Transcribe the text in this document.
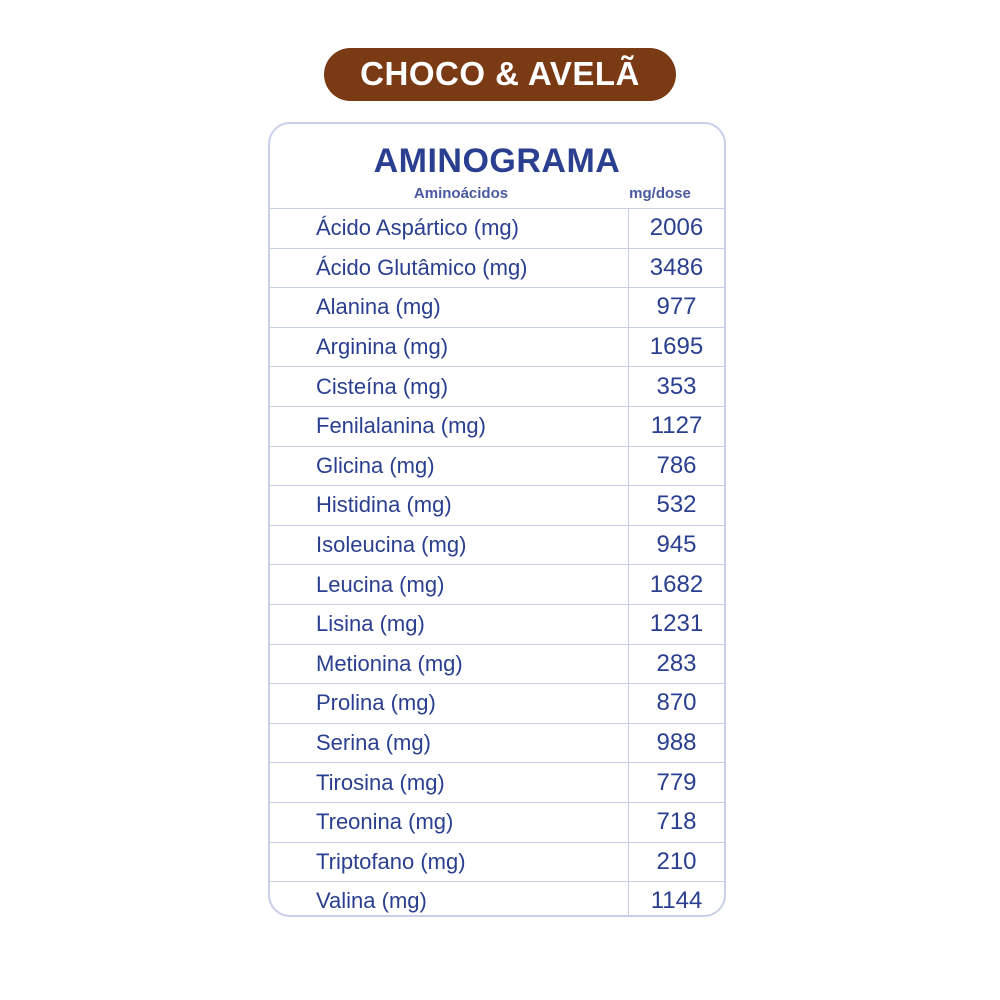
CHOCO & AVELÃ
AMINOGRAMA
Aminoácidos	mg/dose
Ácido Aspártico (mg)	2006
Ácido Glutâmico (mg)	3486
Alanina (mg)	977
Arginina (mg)	1695
Cisteína (mg)	353
Fenilalanina (mg)	1127
Glicina (mg)	786
Histidina (mg)	532
Isoleucina (mg)	945
Leucina (mg)	1682
Lisina (mg)	1231
Metionina (mg)	283
Prolina (mg)	870
Serina (mg)	988
Tirosina (mg)	779
Treonina (mg)	718
Triptofano (mg)	210
Valina (mg)	1144
